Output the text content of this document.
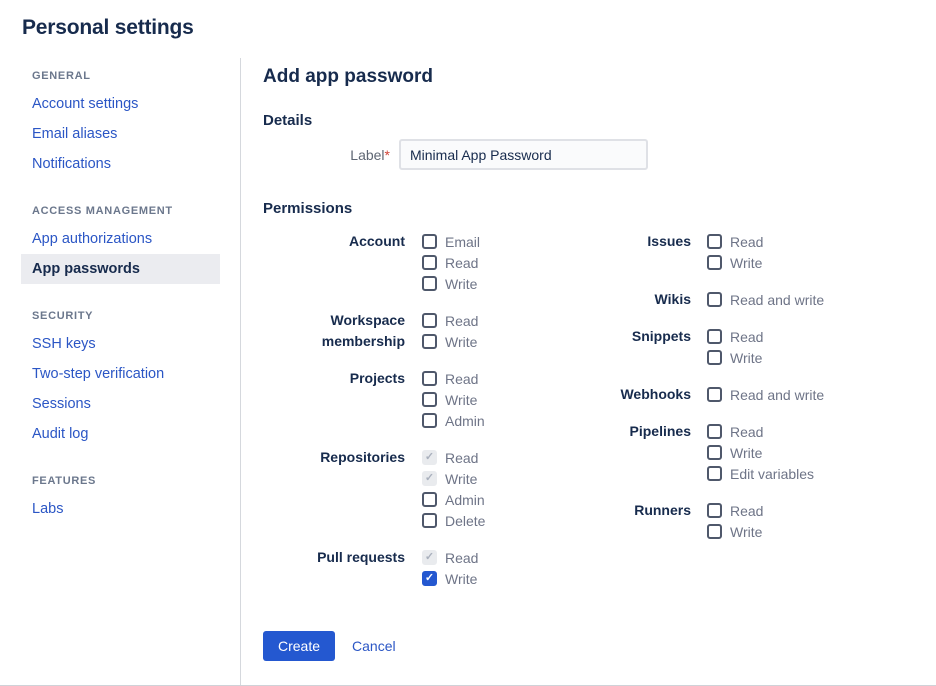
Personal settings
GENERAL
Account settings
Email aliases
Notifications
ACCESS MANAGEMENT
App authorizations
App passwords
SECURITY
SSH keys
Two-step verification
Sessions
Audit log
FEATURES
Labs
Add app password
Details
Label*
Minimal App Password
Permissions
Account	Email
Read
Write
Workspace membership
Read
Write
Projects	Read
Write
Admin
Repositories ✓	Read
✓
Write
Admin
Delete
Pull requests ✓	Read
✓
Write
Issues	Read
Write
Wikis	Read and write
Snippets	Read
Write
Webhooks	Read and write
Pipelines	Read
Write
Edit variables
Runners	Read
Write
Create	Cancel
